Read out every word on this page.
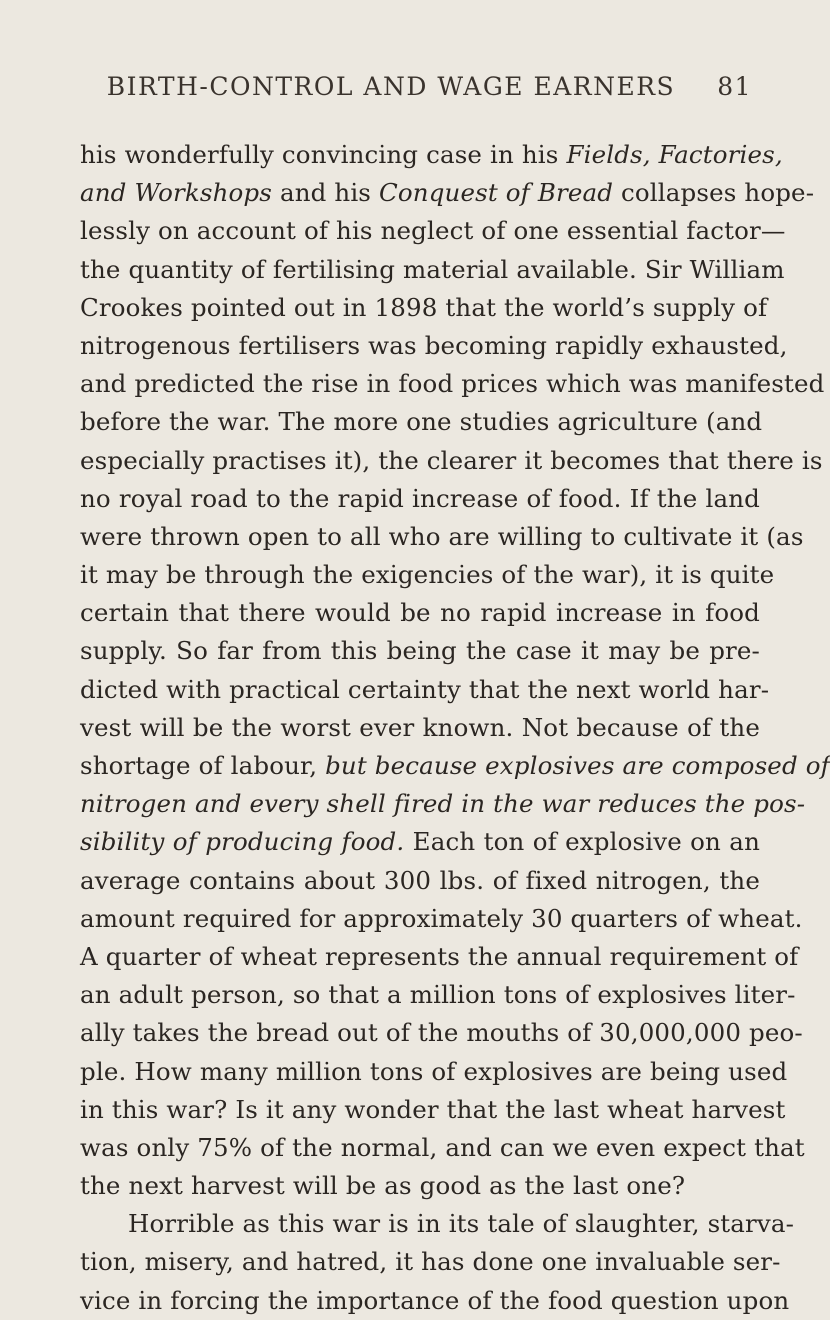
BIRTH-CONTROL AND WAGE EARNERS 81
his wonderfully convincing case in his Fields, Factories,
and Workshops and his Conquest of Bread collapses hope-
lessly on account of his neglect of one essential factor—
the quantity of fertilising material available. Sir William
Crookes pointed out in 1898 that the world’s supply of
nitrogenous fertilisers was becoming rapidly exhausted,
and predicted the rise in food prices which was manifested
before the war. The more one studies agriculture (and
especially practises it), the clearer it becomes that there is
no royal road to the rapid increase of food. If the land
were thrown open to all who are willing to cultivate it (as
it may be through the exigencies of the war), it is quite
certain that there would be no rapid increase in food
supply. So far from this being the case it may be pre-
dicted with practical certainty that the next world har-
vest will be the worst ever known. Not because of the
shortage of labour, but because explosives are composed of
nitrogen and every shell fired in the war reduces the pos-
sibility of producing food. Each ton of explosive on an
average contains about 300 lbs. of fixed nitrogen, the
amount required for approximately 30 quarters of wheat.
A quarter of wheat represents the annual requirement of
an adult person, so that a million tons of explosives liter-
ally takes the bread out of the mouths of 30,000,000 peo-
ple. How many million tons of explosives are being used
in this war? Is it any wonder that the last wheat harvest
was only 75% of the normal, and can we even expect that
the next harvest will be as good as the last one?
Horrible as this war is in its tale of slaughter, starva-
tion, misery, and hatred, it has done one invaluable ser-
vice in forcing the importance of the food question upon
